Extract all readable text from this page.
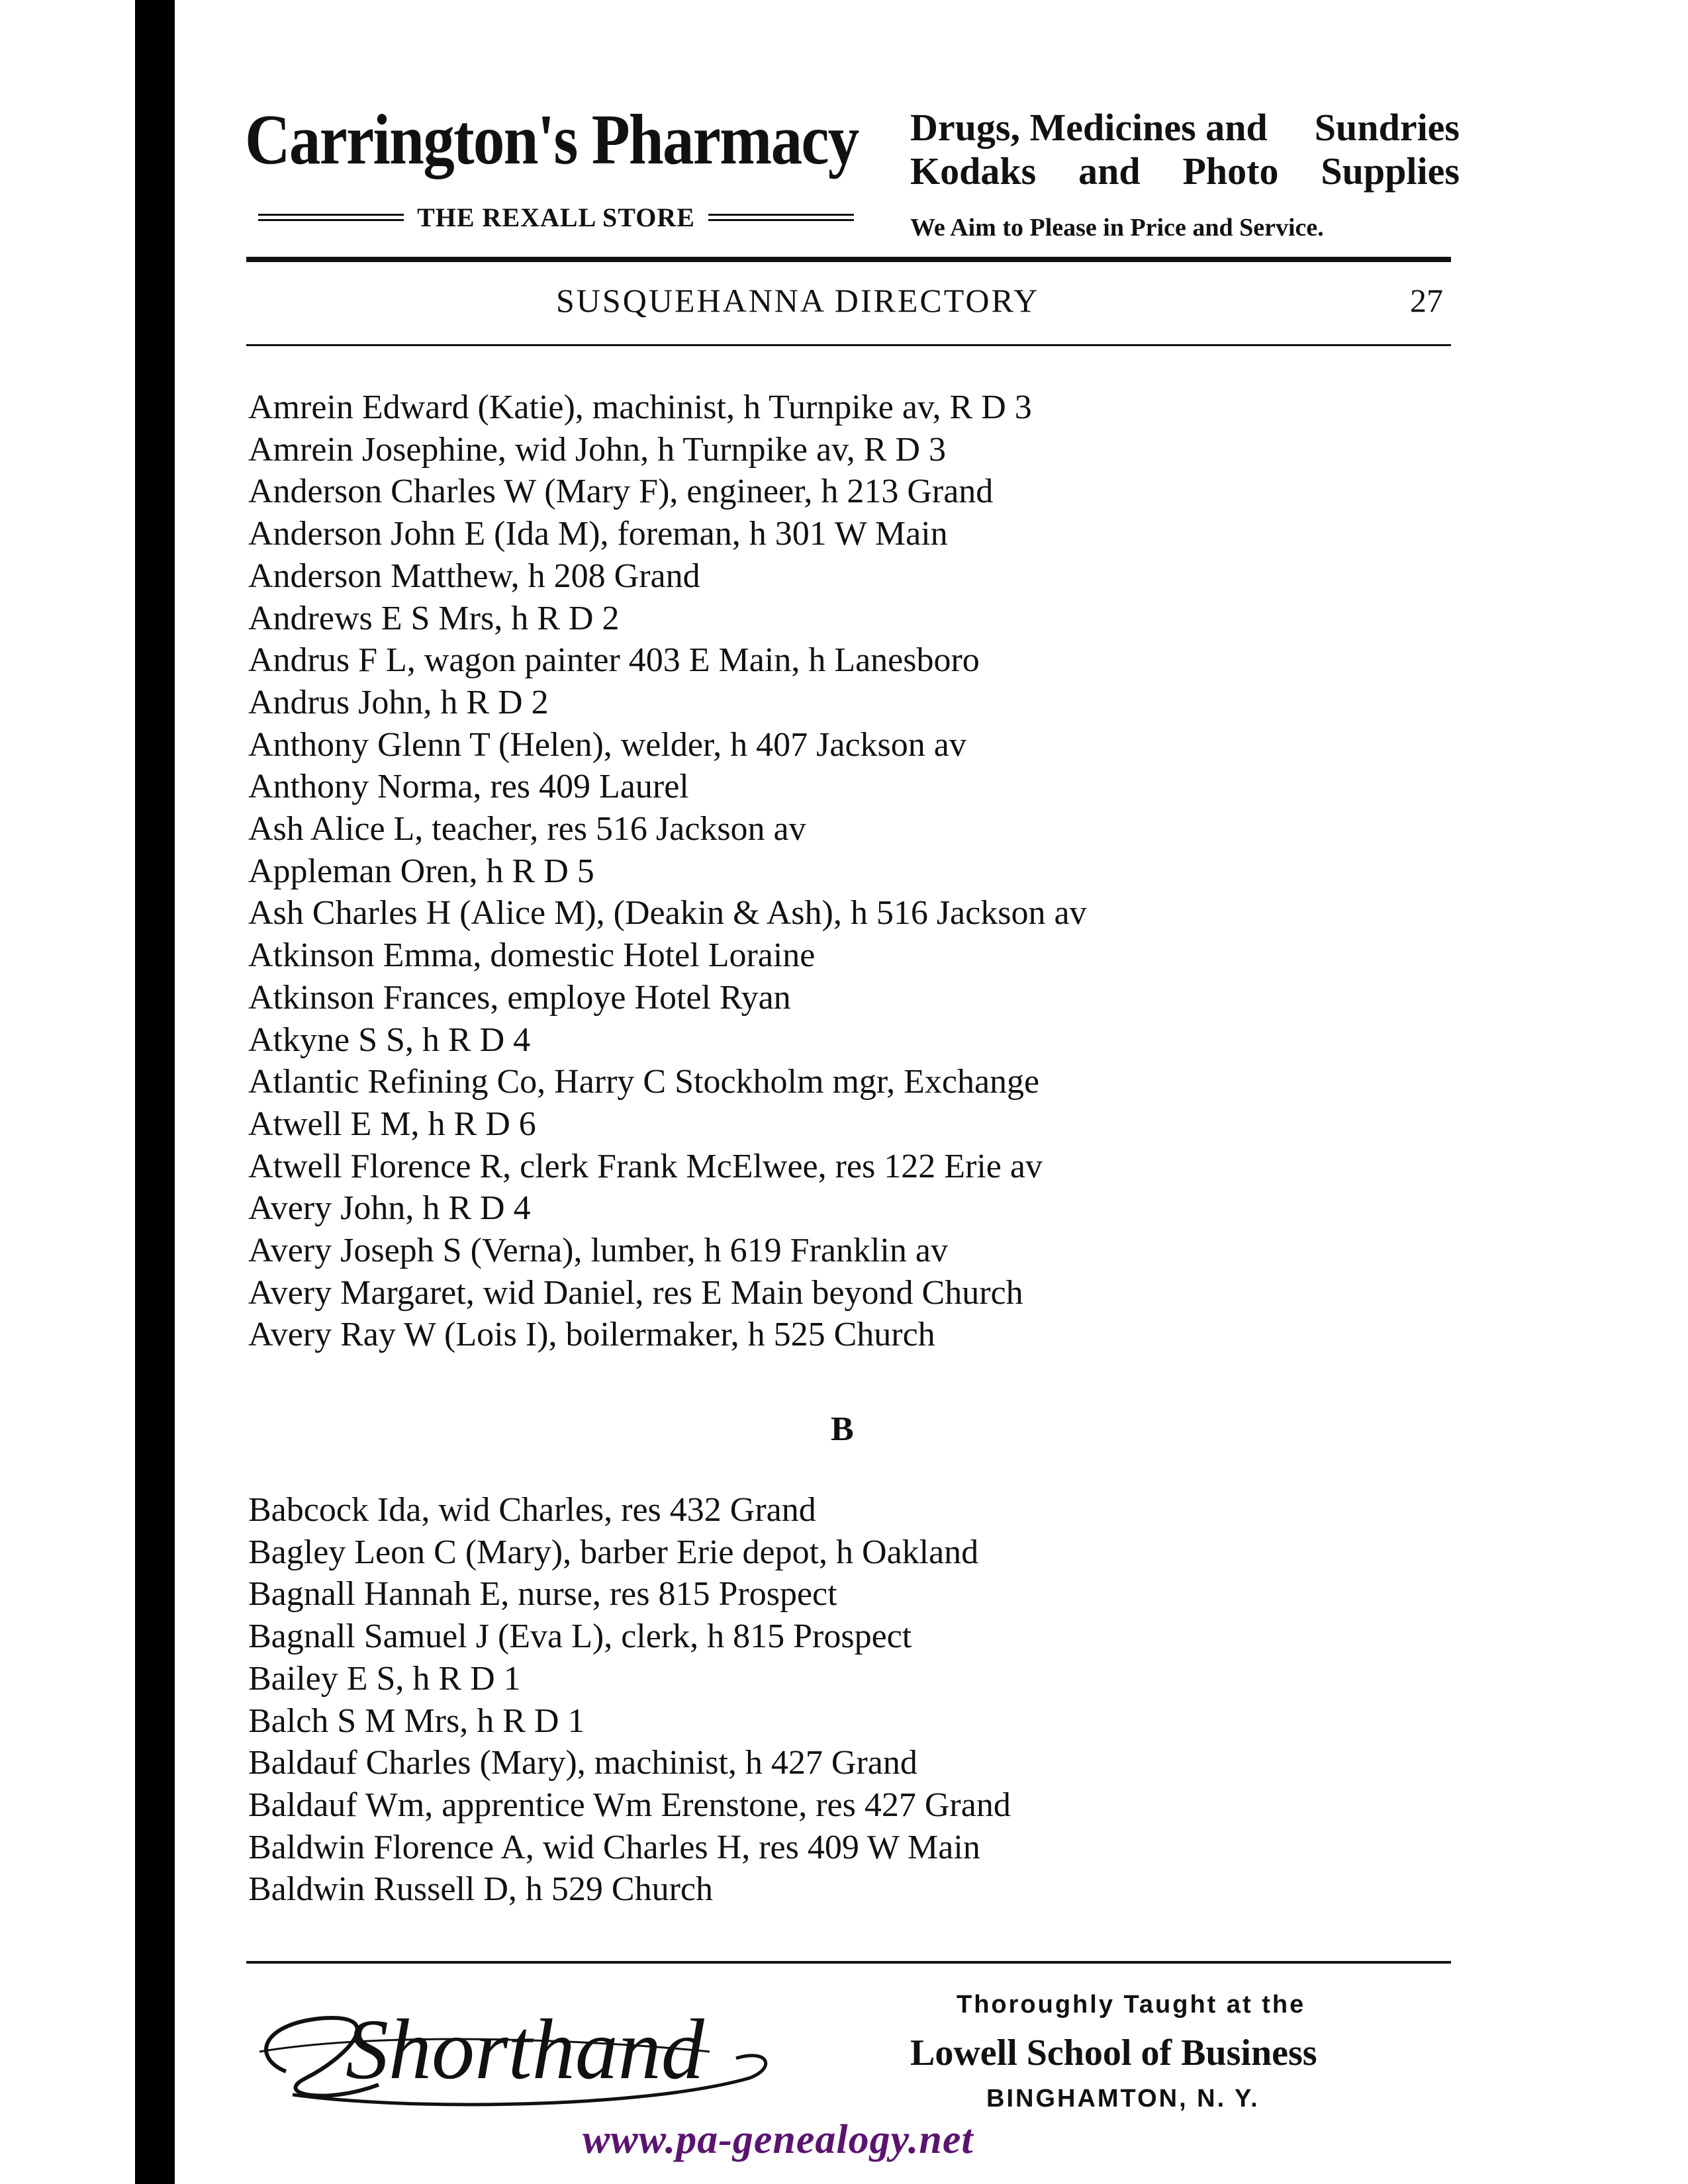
Carrington's Pharmacy
THE REXALL STORE
Drugs, Medicines and Sundries
Kodaks and Photo Supplies
We Aim to Please in Price and Service.
SUSQUEHANNA DIRECTORY	27
Amrein Edward (Katie), machinist, h Turnpike av, R D 3
Amrein Josephine, wid John, h Turnpike av, R D 3
Anderson Charles W (Mary F), engineer, h 213 Grand
Anderson John E (Ida M), foreman, h 301 W Main
Anderson Matthew, h 208 Grand
Andrews E S Mrs, h R D 2
Andrus F L, wagon painter 403 E Main, h Lanesboro
Andrus John, h R D 2
Anthony Glenn T (Helen), welder, h 407 Jackson av
Anthony Norma, res 409 Laurel
Ash Alice L, teacher, res 516 Jackson av
Appleman Oren, h R D 5
Ash Charles H (Alice M), (Deakin & Ash), h 516 Jackson av
Atkinson Emma, domestic Hotel Loraine
Atkinson Frances, employe Hotel Ryan
Atkyne S S, h R D 4
Atlantic Refining Co, Harry C Stockholm mgr, Exchange
Atwell E M, h R D 6
Atwell Florence R, clerk Frank McElwee, res 122 Erie av
Avery John, h R D 4
Avery Joseph S (Verna), lumber, h 619 Franklin av
Avery Margaret, wid Daniel, res E Main beyond Church
Avery Ray W (Lois I), boilermaker, h 525 Church
B
Babcock Ida, wid Charles, res 432 Grand
Bagley Leon C (Mary), barber Erie depot, h Oakland
Bagnall Hannah E, nurse, res 815 Prospect
Bagnall Samuel J (Eva L), clerk, h 815 Prospect
Bailey E S, h R D 1
Balch S M Mrs, h R D 1
Baldauf Charles (Mary), machinist, h 427 Grand
Baldauf Wm, apprentice Wm Erenstone, res 427 Grand
Baldwin Florence A, wid Charles H, res 409 W Main
Baldwin Russell D, h 529 Church
Shorthand	Thoroughly Taught at the
Lowell School of Business
BINGHAMTON, N. Y.
www.pa-genealogy.net
